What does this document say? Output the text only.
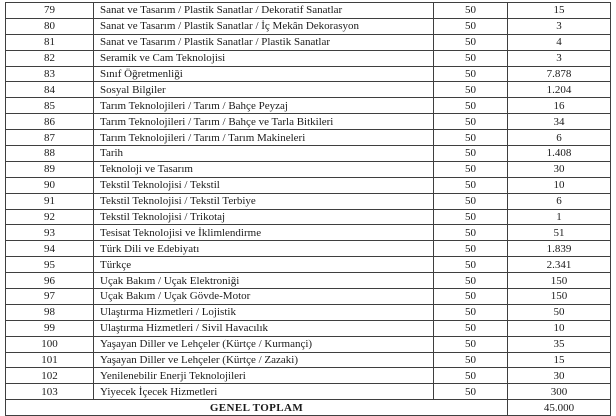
79	Sanat ve Tasarım / Plastik Sanatlar / Dekoratif Sanatlar	50	15
80	Sanat ve Tasarım / Plastik Sanatlar / İç Mekân Dekorasyon	50	3
81	Sanat ve Tasarım / Plastik Sanatlar / Plastik Sanatlar	50	4
82	Seramik ve Cam Teknolojisi	50	3
83	Sınıf Öğretmenliği	50	7.878
84	Sosyal Bilgiler	50	1.204
85	Tarım Teknolojileri / Tarım / Bahçe Peyzaj	50	16
86	Tarım Teknolojileri / Tarım / Bahçe ve Tarla Bitkileri	50	34
87	Tarım Teknolojileri / Tarım / Tarım Makineleri	50	6
88	Tarih	50	1.408
89	Teknoloji ve Tasarım	50	30
90	Tekstil Teknolojisi / Tekstil	50	10
91	Tekstil Teknolojisi / Tekstil Terbiye	50	6
92	Tekstil Teknolojisi / Trikotaj	50	1
93	Tesisat Teknolojisi ve İklimlendirme	50	51
94	Türk Dili ve Edebiyatı	50	1.839
95	Türkçe	50	2.341
96	Uçak Bakım / Uçak Elektroniği	50	150
97	Uçak Bakım / Uçak Gövde-Motor	50	150
98	Ulaştırma Hizmetleri / Lojistik	50	50
99	Ulaştırma Hizmetleri / Sivil Havacılık	50	10
100	Yaşayan Diller ve Lehçeler (Kürtçe / Kurmançi)	50	35
101	Yaşayan Diller ve Lehçeler (Kürtçe / Zazaki)	50	15
102	Yenilenebilir Enerji Teknolojileri	50	30
103	Yiyecek İçecek Hizmetleri	50	300
GENEL TOPLAM			45.000
